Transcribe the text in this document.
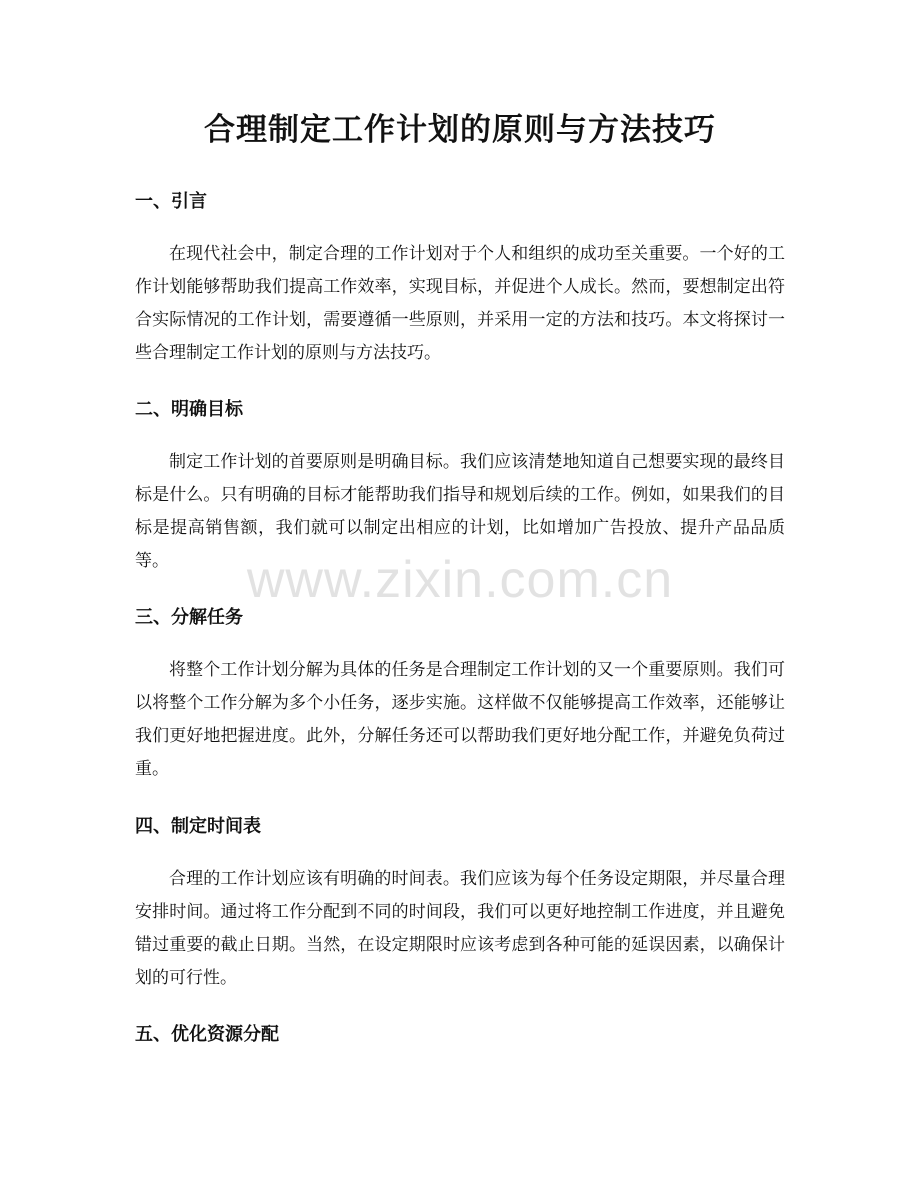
合理制定工作计划的原则与方法技巧
一、引言

在现代社会中，制定合理的工作计划对于个人和组织的成功至关重要。一个好的工作计划能够帮助我们提高工作效率，实现目标，并促进个人成长。然而，要想制定出符合实际情况的工作计划，需要遵循一些原则，并采用一定的方法和技巧。本文将探讨一些合理制定工作计划的原则与方法技巧。

二、明确目标

制定工作计划的首要原则是明确目标。我们应该清楚地知道自己想要实现的最终目标是什么。只有明确的目标才能帮助我们指导和规划后续的工作。例如，如果我们的目标是提高销售额，我们就可以制定出相应的计划，比如增加广告投放、提升产品品质等。

三、分解任务

将整个工作计划分解为具体的任务是合理制定工作计划的又一个重要原则。我们可以将整个工作分解为多个小任务，逐步实施。这样做不仅能够提高工作效率，还能够让我们更好地把握进度。此外，分解任务还可以帮助我们更好地分配工作，并避免负荷过重。

四、制定时间表

合理的工作计划应该有明确的时间表。我们应该为每个任务设定期限，并尽量合理安排时间。通过将工作分配到不同的时间段，我们可以更好地控制工作进度，并且避免错过重要的截止日期。当然，在设定期限时应该考虑到各种可能的延误因素，以确保计划的可行性。

五、优化资源分配
www.zixin.com.cn
